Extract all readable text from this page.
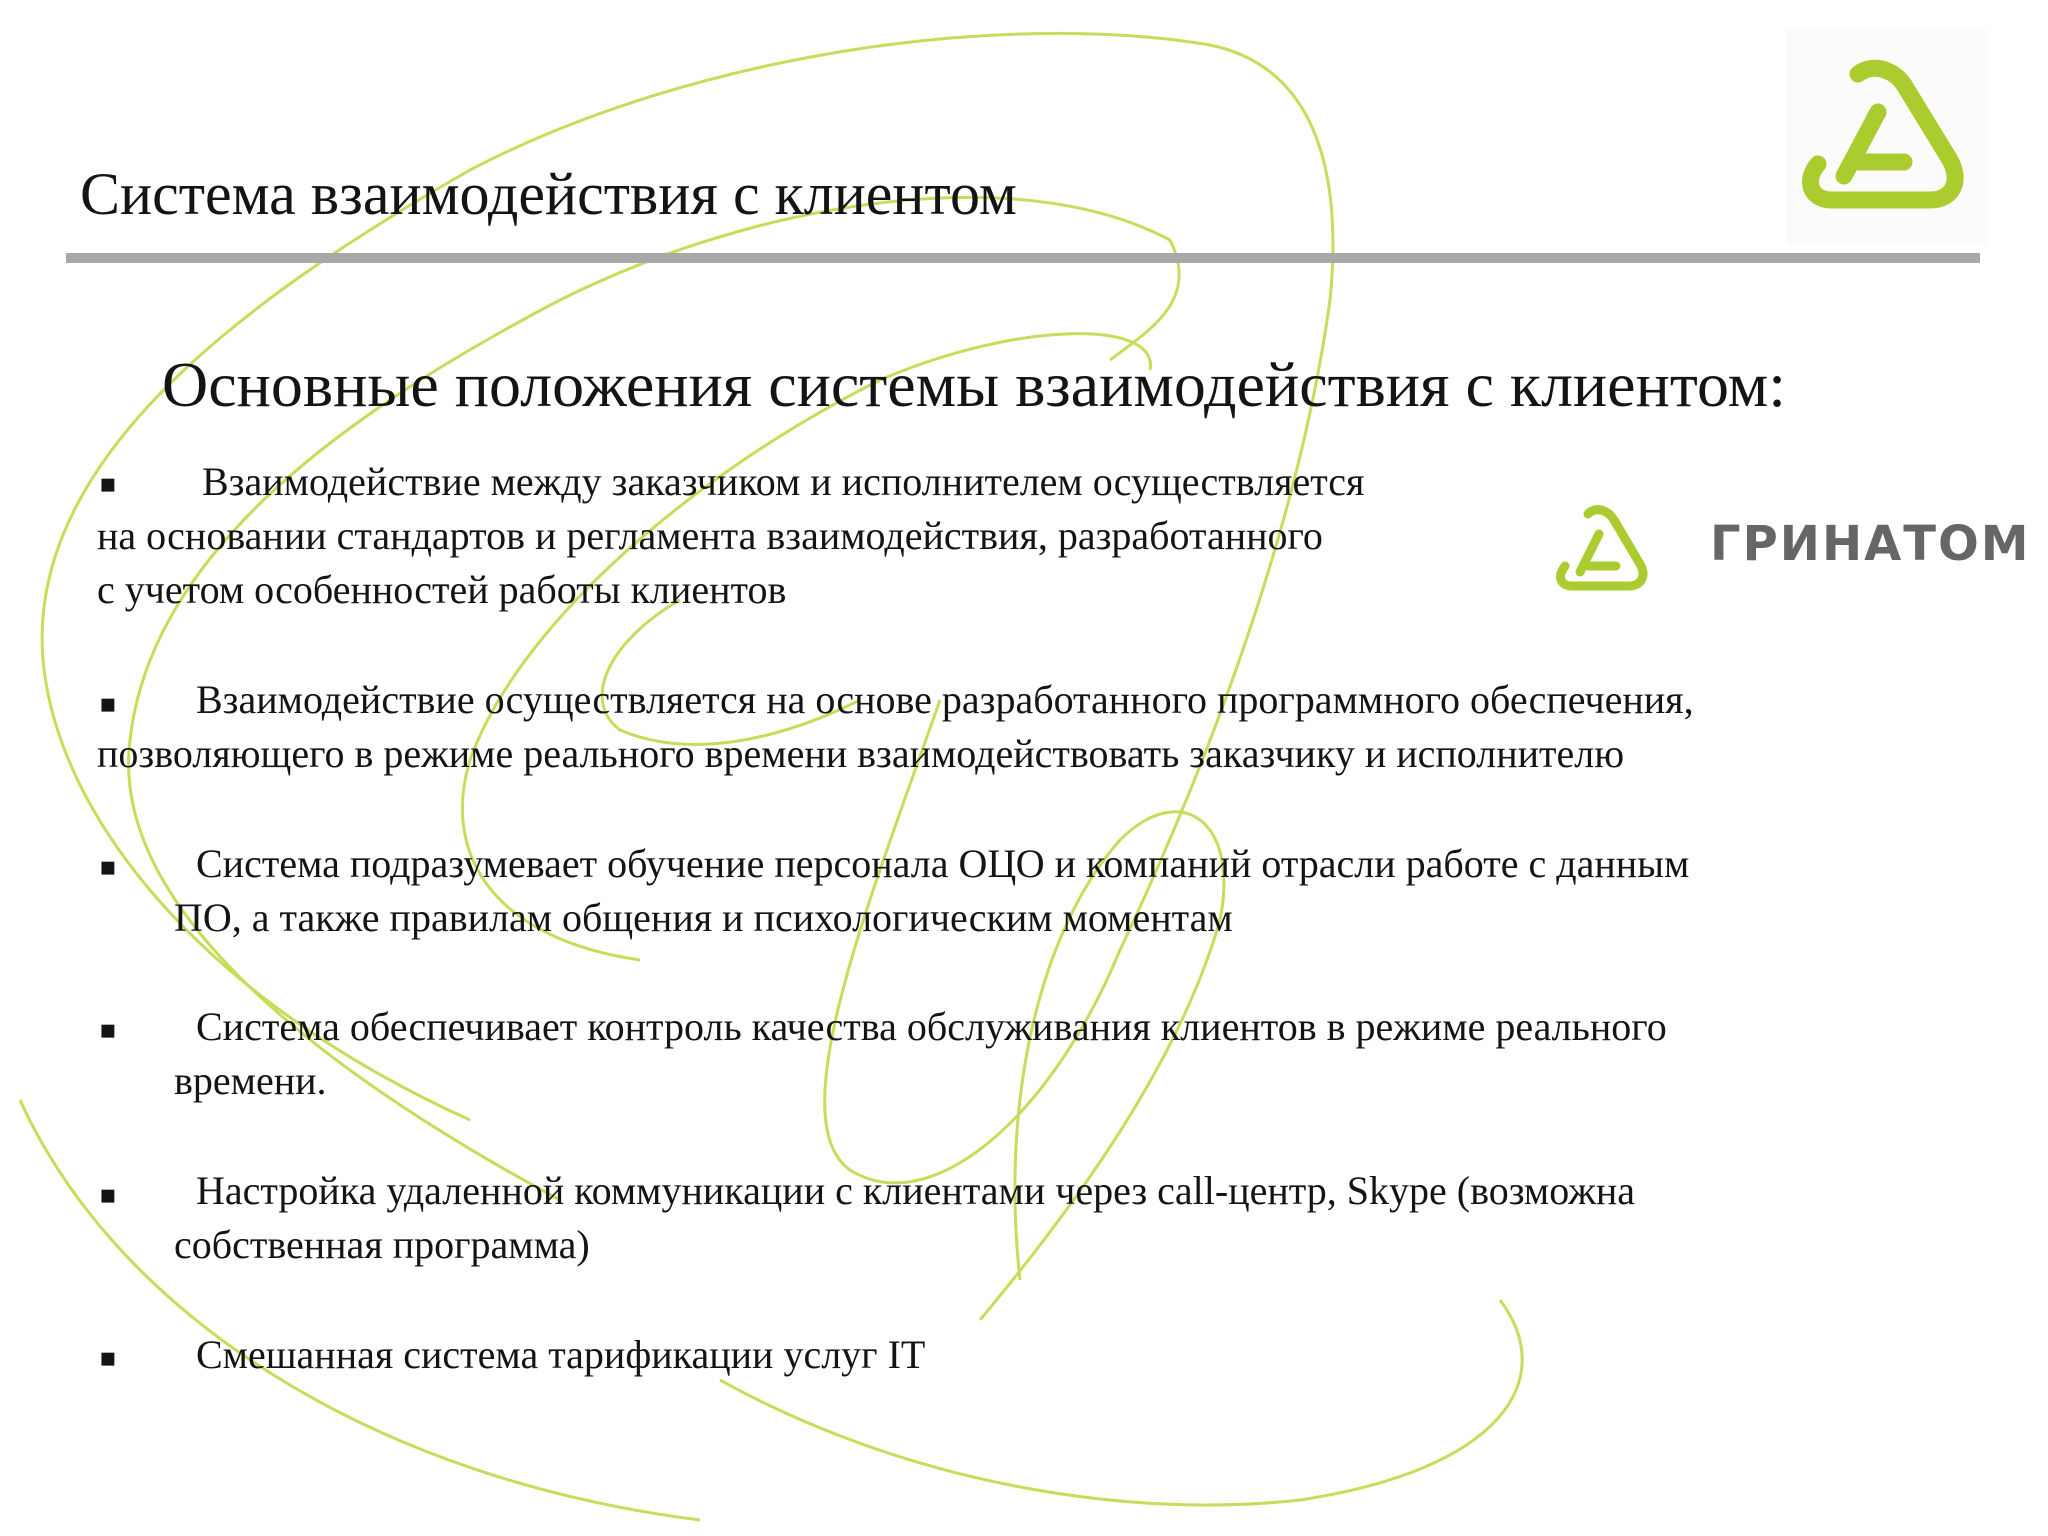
Система взаимодействия с клиентом
Основные положения системы взаимодействия с клиентом:
ГРИНАТОМ
▪ Взаимодействие между заказчиком и исполнителем осуществляется
на основании стандартов и регламента взаимодействия, разработанного
с учетом особенностей работы клиентов
▪ Взаимодействие осуществляется на основе разработанного программного обеспечения,
позволяющего в режиме реального времени взаимодействовать заказчику и исполнителю
▪ Система подразумевает обучение персонала ОЦО и компаний отрасли работе с данным
ПО, а также правилам общения и психологическим моментам
▪ Система обеспечивает контроль качества обслуживания клиентов в режиме реального
времени.
▪ Настройка удаленной коммуникации с клиентами через call-центр, Skype (возможна
собственная программа)
▪ Смешанная система тарификации услуг IT
